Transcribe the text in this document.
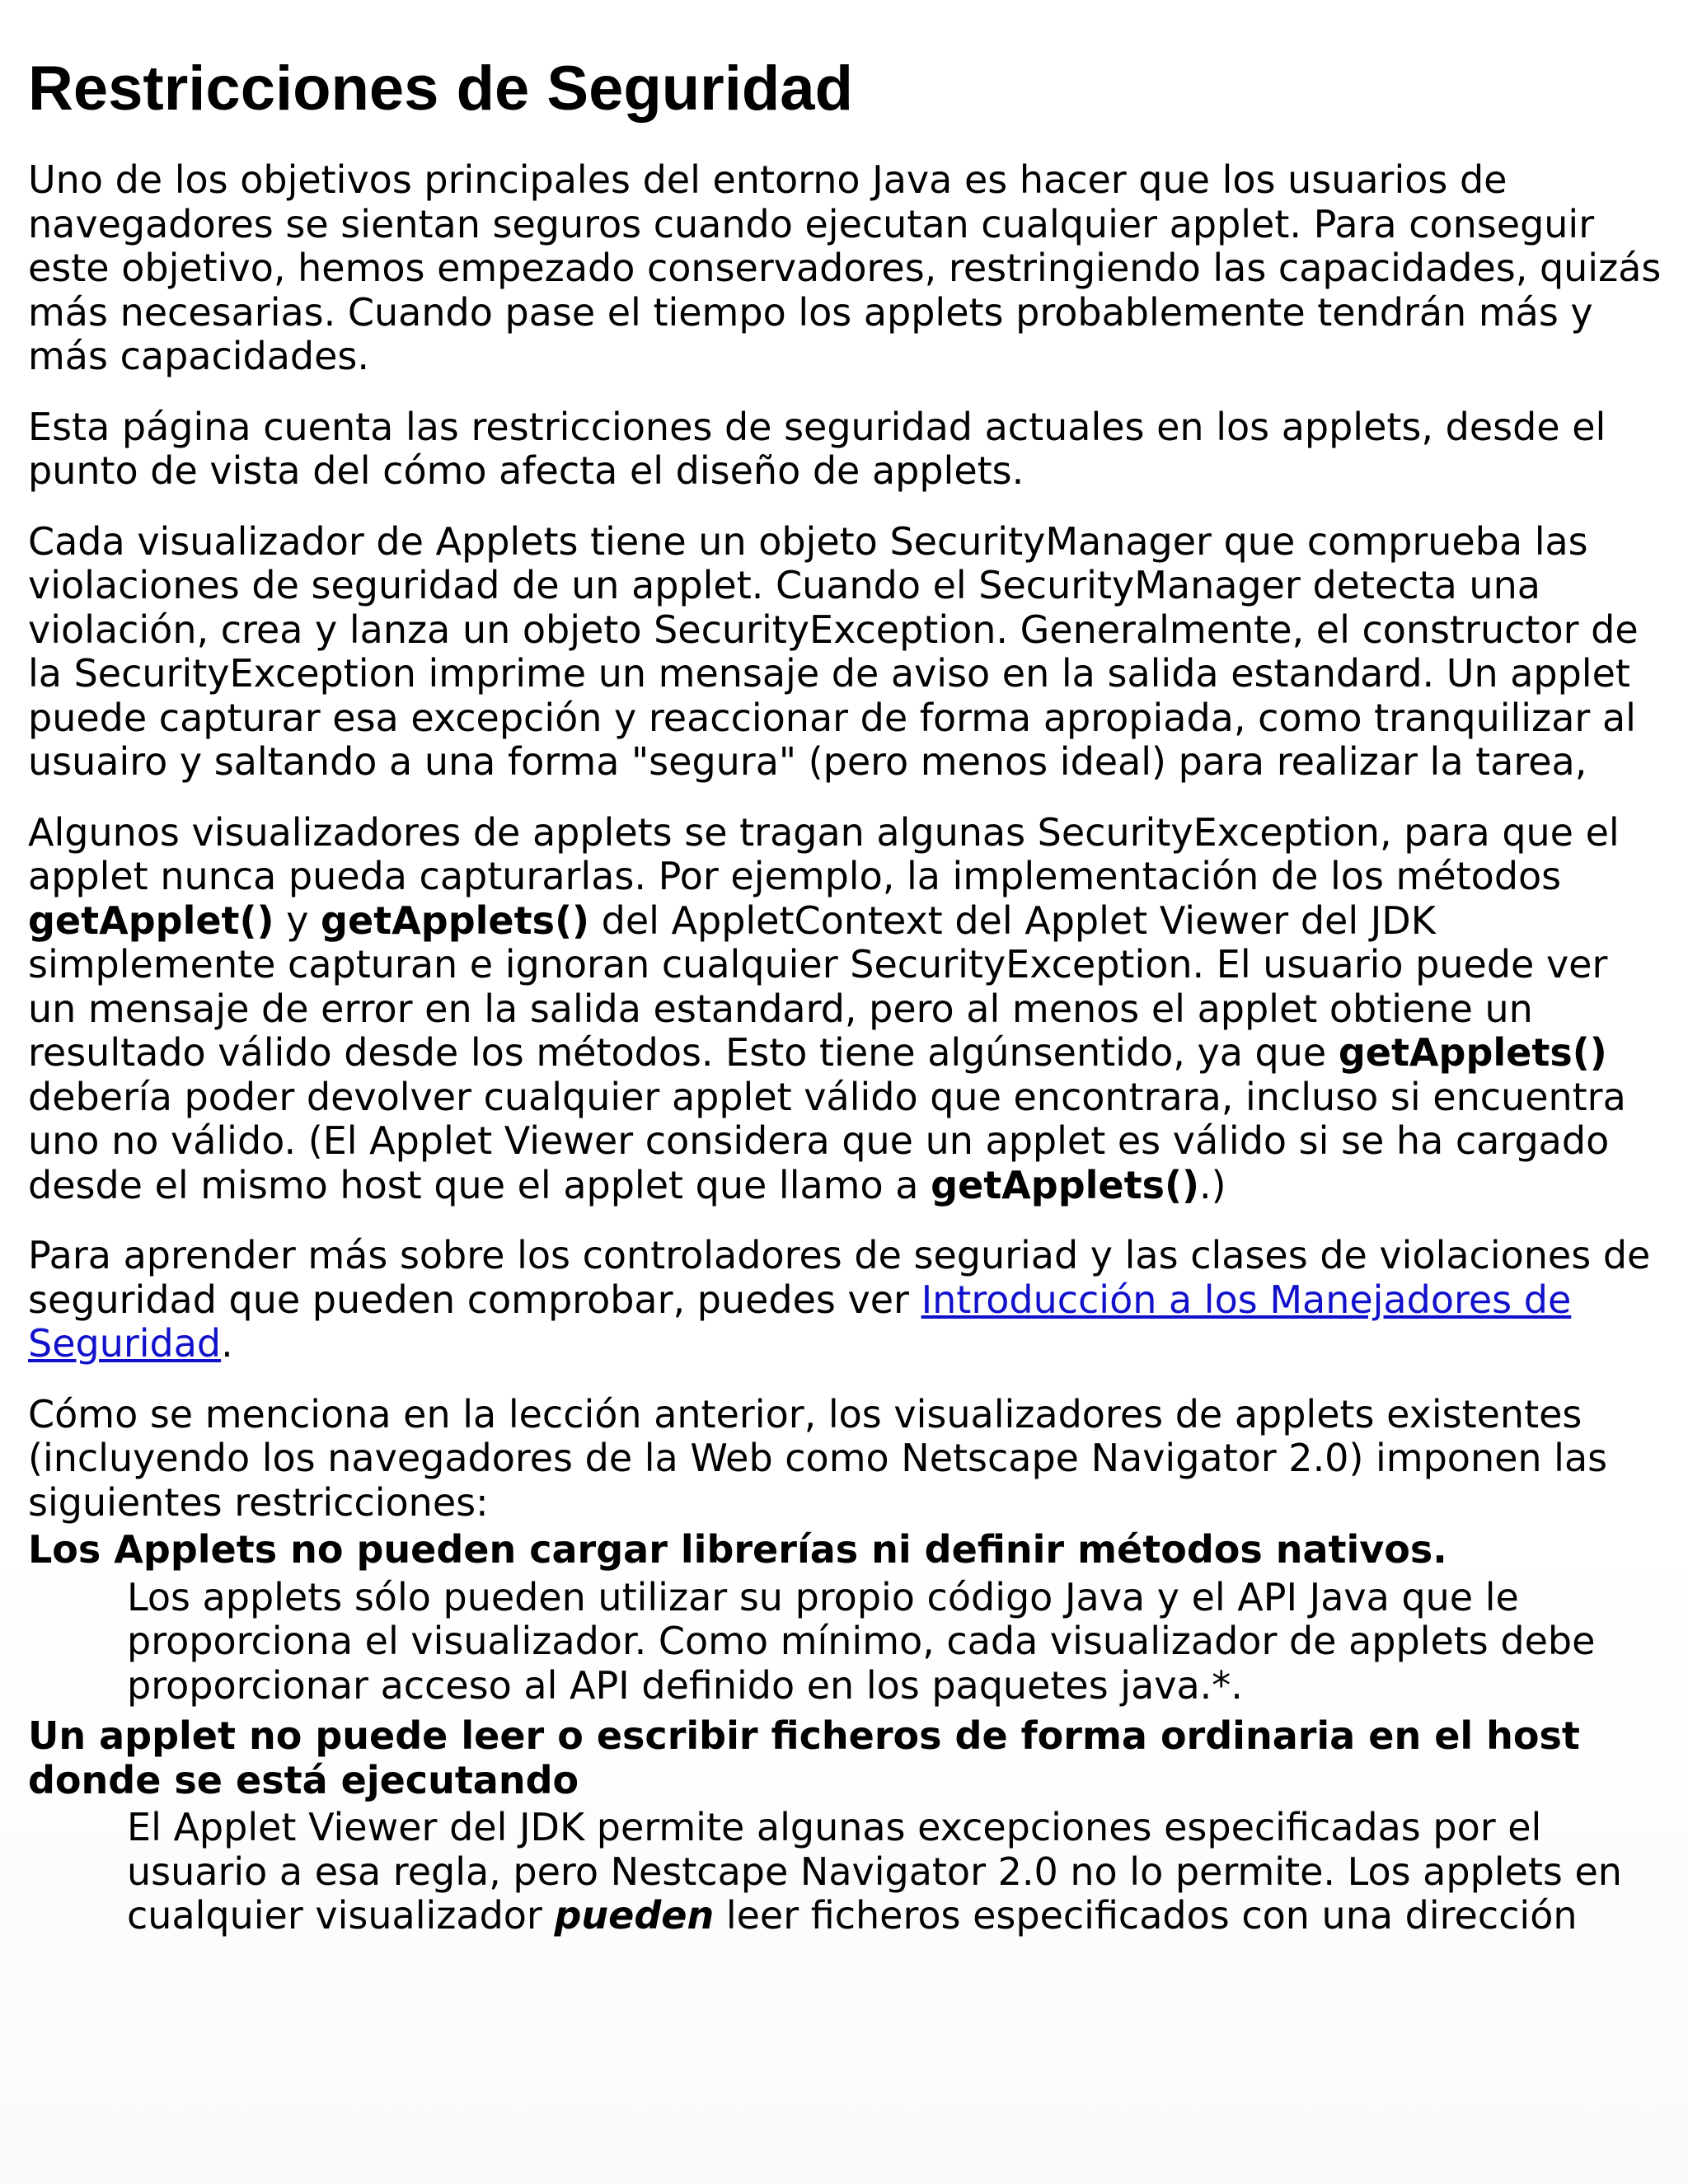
Restricciones de Seguridad

Uno de los objetivos principales del entorno Java es hacer que los usuarios de navegadores se sientan seguros cuando ejecutan cualquier applet. Para conseguir este objetivo, hemos empezado conservadores, restringiendo las capacidades, quizás más necesarias. Cuando pase el tiempo los applets probablemente tendrán más y más capacidades.

Esta página cuenta las restricciones de seguridad actuales en los applets, desde el punto de vista del cómo afecta el diseño de applets.

Cada visualizador de Applets tiene un objeto SecurityManager que comprueba las violaciones de seguridad de un applet. Cuando el SecurityManager detecta una violación, crea y lanza un objeto SecurityException. Generalmente, el constructor de la SecurityException imprime un mensaje de aviso en la salida estandard. Un applet puede capturar esa excepción y reaccionar de forma apropiada, como tranquilizar al usuairo y saltando a una forma "segura" (pero menos ideal) para realizar la tarea,

Algunos visualizadores de applets se tragan algunas SecurityException, para que el applet nunca pueda capturarlas. Por ejemplo, la implementación de los métodos getApplet() y getApplets() del AppletContext del Applet Viewer del JDK simplemente capturan e ignoran cualquier SecurityException. El usuario puede ver un mensaje de error en la salida estandard, pero al menos el applet obtiene un resultado válido desde los métodos. Esto tiene algúnsentido, ya que getApplets() debería poder devolver cualquier applet válido que encontrara, incluso si encuentra uno no válido. (El Applet Viewer considera que un applet es válido si se ha cargado desde el mismo host que el applet que llamo a getApplets().)

Para aprender más sobre los controladores de seguriad y las clases de violaciones de seguridad que pueden comprobar, puedes ver Introducción a los Manejadores de Seguridad.

Cómo se menciona en la lección anterior, los visualizadores de applets existentes (incluyendo los navegadores de la Web como Netscape Navigator 2.0) imponen las siguientes restricciones:

Los Applets no pueden cargar librerías ni definir métodos nativos.
Los applets sólo pueden utilizar su propio código Java y el API Java que le proporciona el visualizador. Como mínimo, cada visualizador de applets debe proporcionar acceso al API definido en los paquetes java.*.
Un applet no puede leer o escribir ficheros de forma ordinaria en el host donde se está ejecutando
El Applet Viewer del JDK permite algunas excepciones especificadas por el usuario a esa regla, pero Nestcape Navigator 2.0 no lo permite. Los applets en cualquier visualizador pueden leer ficheros especificados con una dirección
